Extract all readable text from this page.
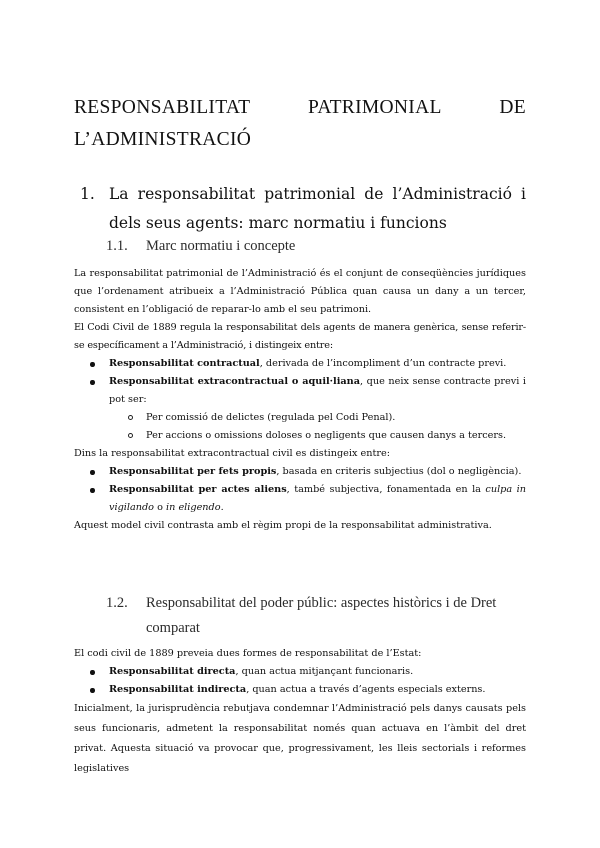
RESPONSABILITAT	PATRIMONIAL	DE
L’ADMINISTRACIÓ
1. La responsabilitat patrimonial de l’Administració i dels seus agents: marc normatiu i funcions
1.1. Marc normatiu i concepte

La responsabilitat patrimonial de l’Administració és el conjunt de conseqüències jurídiques que l’ordenament atribueix a l’Administració Pública quan causa un dany a un tercer, consistent en l’obligació de reparar-lo amb el seu patrimoni.

El Codi Civil de 1889 regula la responsabilitat dels agents de manera genèrica, sense referir-se específicament a l’Administració, i distingeix entre:

Responsabilitat contractual, derivada de l’incompliment d’un contracte previ.

Responsabilitat extracontractual o aquil·liana, que neix sense contracte previ i pot ser:

Per comissió de delictes (regulada pel Codi Penal).

Per accions o omissions doloses o negligents que causen danys a tercers.

Dins la responsabilitat extracontractual civil es distingeix entre:

Responsabilitat per fets propis, basada en criteris subjectius (dol o negligència).

Responsabilitat per actes aliens, també subjectiva, fonamentada en la culpa in vigilando o in eligendo.

Aquest model civil contrasta amb el règim propi de la responsabilitat administrativa.

1.2. Responsabilitat del poder públic: aspectes històrics i de Dret comparat

El codi civil de 1889 preveia dues formes de responsabilitat de l’Estat:

Responsabilitat directa, quan actua mitjançant funcionaris.

Responsabilitat indirecta, quan actua a través d’agents especials externs.

Inicialment, la jurisprudència rebutjava condemnar l’Administració pels danys causats pels seus funcionaris, admetent la responsabilitat només quan actuava en l’àmbit del dret privat. Aquesta situació va provocar que, progressivament, les lleis sectorials i reformes legislatives
